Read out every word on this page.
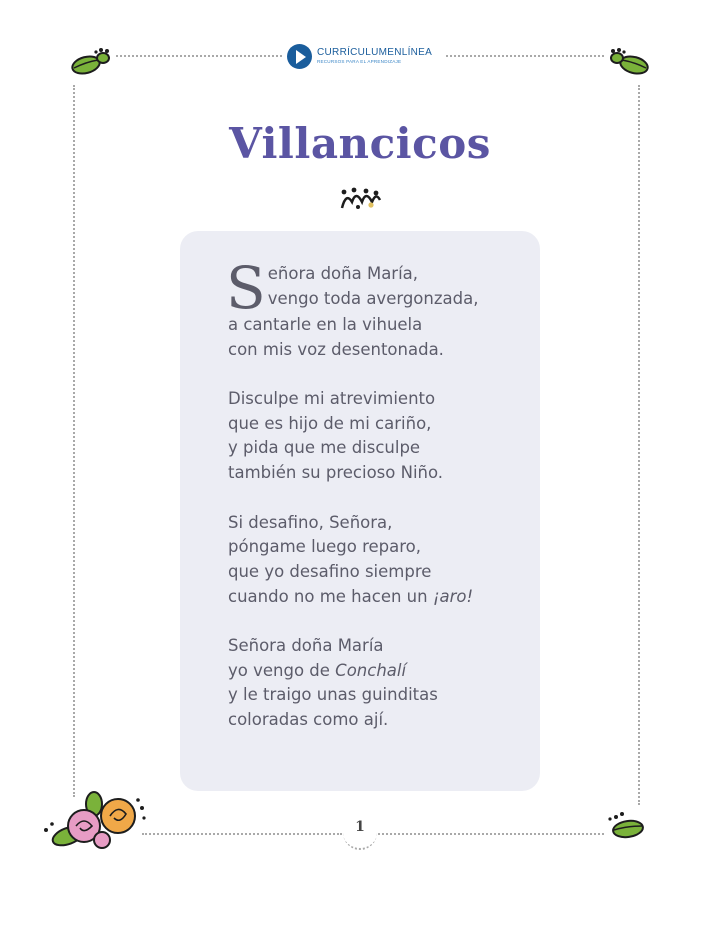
CURRÍCULUMENLÍNEA
RECURSOS PARA EL APRENDIZAJE
Villancicos
S eñora doña María,
vengo toda avergonzada,
a cantarle en la vihuela
con mis voz desentonada.
Disculpe mi atrevimiento
que es hijo de mi cariño,
y pida que me disculpe
también su precioso Niño.
Si desafino, Señora,
póngame luego reparo,
que yo desafino siempre
cuando no me hacen un ¡aro!
Señora doña María
yo vengo de Conchalí
y le traigo unas guinditas
coloradas como ají.
1
